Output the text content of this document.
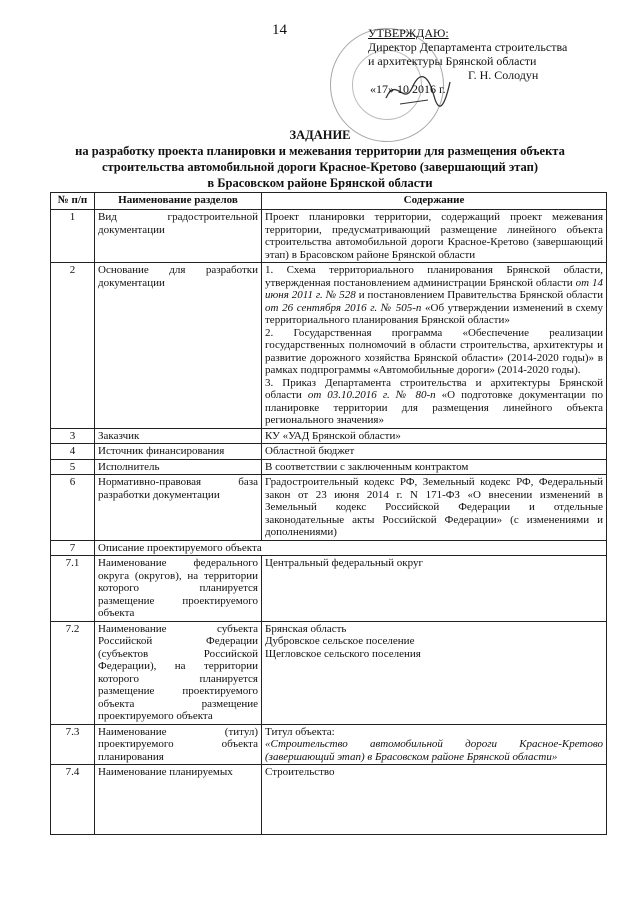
14	УТВЕРЖДАЮ:
Директор Департамента строительства
и архитектуры Брянской области
Г. Н. Солодун
«17» 10 2016 г.
ЗАДАНИЕ
на разработку проекта планировки и межевания территории для размещения объекта
строительства автомобильной дороги Красное-Кретово (завершающий этап)
в Брасовском районе Брянской области
№ п/п	Наименование разделов	Содержание
1	Вид градостроительной документации	Проект планировки территории, содержащий проект межевания территории, предусматривающий размещение линейного объекта строительства автомобильной дороги Красное-Кретово (завершающий этап) в Брасовском районе Брянской области
2	Основание для разработки документации	1. Схема территориального планирования Брянской области, утвержденная постановлением администрации Брянской области от 14 июня 2011 г. № 528 и постановлением Правительства Брянской области от 26 сентября 2016 г. № 505-п «Об утверждении изменений в схему территориального планирования Брянской области»
2. Государственная программа «Обеспечение реализации государственных полномочий в области строительства, архитектуры и развитие дорожного хозяйства Брянской области» (2014-2020 годы)» в рамках подпрограммы «Автомобильные дороги» (2014-2020 годы).
3. Приказ Департамента строительства и архитектуры Брянской области от 03.10.2016 г. № 80-п «О подготовке документации по планировке территории для размещения линейного объекта регионального значения»

3	Заказчик	КУ «УАД Брянской области»
4	Источник финансирования	Областной бюджет
5	Исполнитель	В соответствии с заключенным контрактом
6	Нормативно-правовая база разработки документации	Градостроительный кодекс РФ, Земельный кодекс РФ, Федеральный закон от 23 июня 2014 г. N 171-ФЗ «О внесении изменений в Земельный кодекс Российской Федерации и отдельные законодательные акты Российской Федерации» (с изменениями и дополнениями)
7	Описание проектируемого объекта	
7.1	Наименование федерального округа (округов), на территории которого планируется размещение проектируемого объекта	Центральный федеральный округ
7.2	Наименование субъекта Российской Федерации (субъектов Российской Федерации), на территории которого планируется размещение проектируемого объекта размещение проектируемого объекта	Брянская область
Дубровское сельское поселение
Щегловское сельского поселения

7.3	Наименование (титул) проектируемого объекта планирования	Титул объекта:
«Строительство автомобильной дороги Красное-Кретово (завершающий этап) в Брасовском районе Брянской области»

7.4	Наименование планируемых	Строительство
